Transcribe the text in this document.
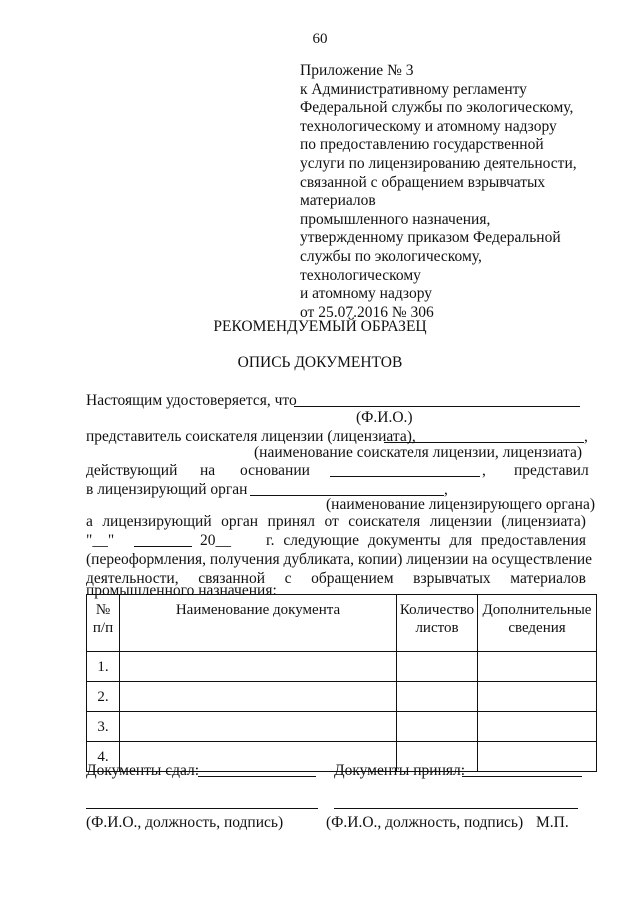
60
Приложение № 3
к Административному регламенту
Федеральной службы по экологическому,
технологическому и атомному надзору
по предоставлению государственной
услуги по лицензированию деятельности,
связанной с обращением взрывчатых
материалов
промышленного назначения,
утвержденному приказом Федеральной
службы по экологическому,
технологическому
и атомному надзору
от 25.07.2016 № 306
РЕКОМЕНДУЕМЫЙ ОБРАЗЕЦ
ОПИСЬ ДОКУМЕНТОВ
Настоящим удостоверяется, что
(Ф.И.О.)
представитель соискателя лицензии (лицензиата),	,
(наименование соискателя лицензии, лицензиата)
действующий на основании	, представил
в лицензирующий орган	,
(наименование лицензирующего органа)
а лицензирующий орган принял от соискателя лицензии (лицензиата)
"__"	20__ г. следующие документы для предоставления
(переоформления, получения дубликата, копии) лицензии на осуществление
деятельности, связанной с обращением взрывчатых материалов
промышленного назначения:
№ п/п	Наименование документа	Количество листов	Дополнительные сведения

1.			
2.			
3.			
4.			
Документы сдал:	Документы принял:
(Ф.И.О., должность, подпись)	(Ф.И.О., должность, подпись) М.П.
